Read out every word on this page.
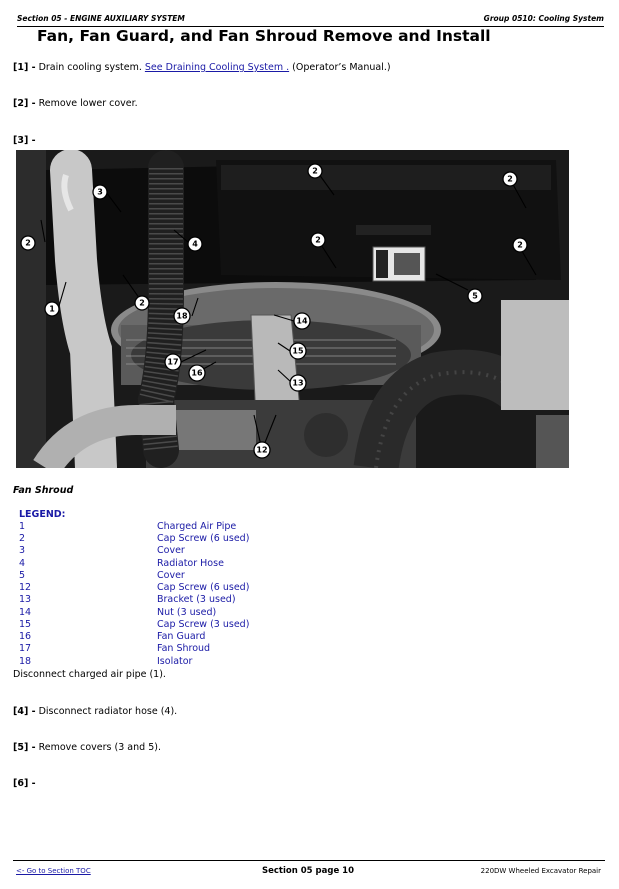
Section 05 - ENGINE AUXILIARY SYSTEM	Group 0510: Cooling System
Fan, Fan Guard, and Fan Shroud Remove and Install
[1] - Drain cooling system. See Draining Cooling System . (Operator’s Manual.)
[2] - Remove lower cover.
[3] -
3
2
1
4
2
18
2
2
2
2
5
14
15
17
16
13
12
Fan Shroud
LEGEND:
1	Charged Air Pipe
2	Cap Screw (6 used)
3	Cover
4	Radiator Hose
5	Cover
12	Cap Screw (6 used)
13	Bracket (3 used)
14	Nut (3 used)
15	Cap Screw (3 used)
16	Fan Guard
17	Fan Shroud
18	Isolator
Disconnect charged air pipe (1).
[4] - Disconnect radiator hose (4).
[5] - Remove covers (3 and 5).
[6] -
<- Go to Section TOC	Section 05 page 10	220DW Wheeled Excavator Repair
